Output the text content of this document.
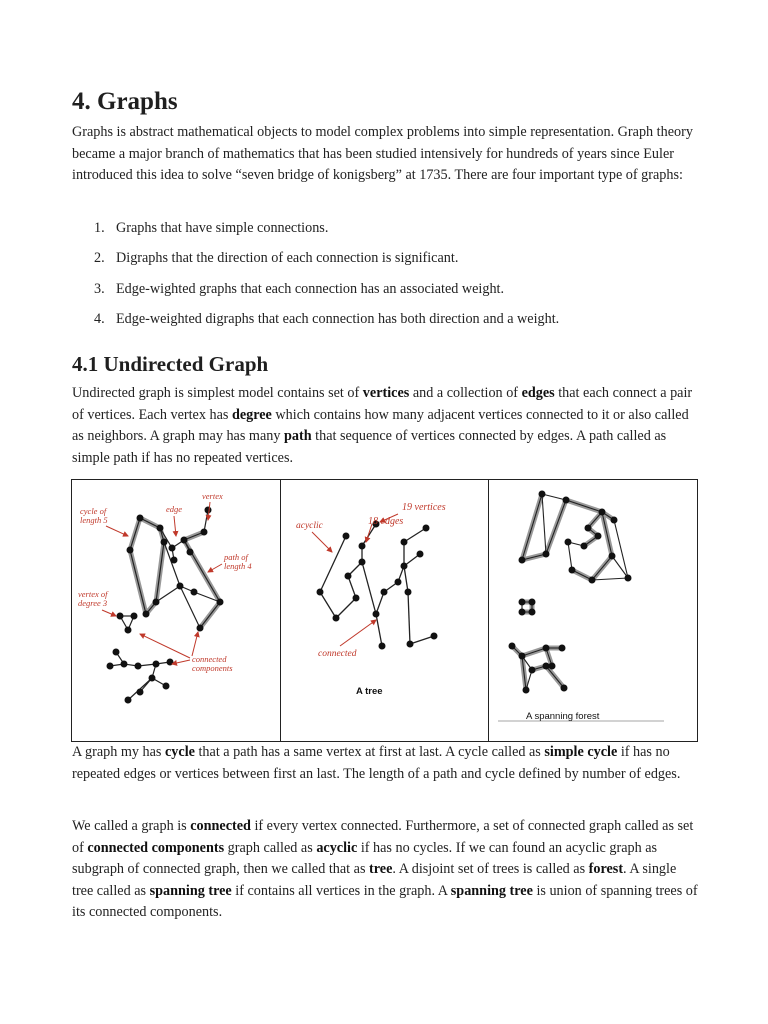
4. Graphs

Graphs is abstract mathematical objects to model complex problems into simple representation. Graph theory became a major branch of mathematics that has been studied intensively for hundreds of years since Euler introduced this idea to solve “seven bridge of konigsberg” at 1735. There are four important type of graphs:

1. Graphs that have simple connections.
2. Digraphs that the direction of each connection is significant.
3. Edge-wighted graphs that each connection has an associated weight.
4. Edge-weighted digraphs that each connection has both direction and a weight.
4.1 Undirected Graph

Undirected graph is simplest model contains set of vertices and a collection of edges that each connect a pair of vertices. Each vertex has degree which contains how many adjacent vertices connected to it or also called as neighbors. A graph may has many path that sequence of vertices connected by edges. A path called as simple path if has no repeated vertices.

cycle of
length 5
edge
vertex
path of
length 4
vertex of
degree 3
connected
components
acyclic
19 vertices
18 edges
connected
A tree
A spanning forest

A graph my has cycle that a path has a same vertex at first at last. A cycle called as simple cycle if has no repeated edges or vertices between first an last. The length of a path and cycle defined by number of edges.

We called a graph is connected if every vertex connected. Furthermore, a set of connected graph called as set of connected components graph called as acyclic if has no cycles. If we can found an acyclic graph as subgraph of connected graph, then we called that as tree. A disjoint set of trees is called as forest. A single tree called as spanning tree if contains all vertices in the graph. A spanning tree is union of spanning trees of its connected components.
